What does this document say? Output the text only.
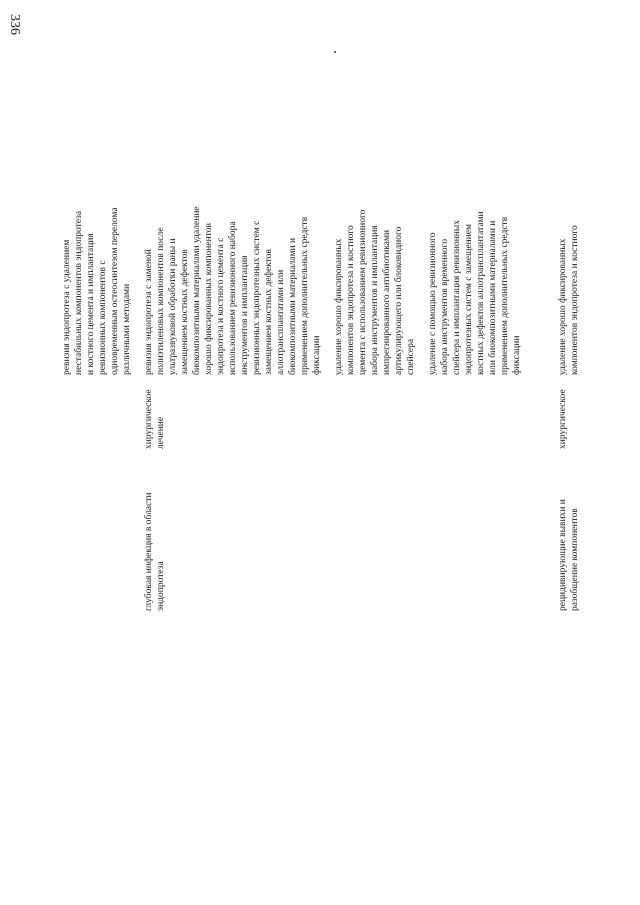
336
ревизия эндопротеза с удалением нестабильных компонентов эндопротеза и костного цемента и имплантация ревизионных компонентов с одновременным остеосинтезом перелома различными методами
глубокая инфекция в области эндопротеза
хирургическое лечение
ревизия эндопротеза с заменой полиэтиленовых компонентов после ультразвуковой обработки раны и замещением костных дефектов биокомпозитными материалами удаление хорошо фиксированных компонентов эндопротеза и костного цемента с использованием ревизионного набора инструментов и имплантация ревизионных эндопротезных систем с замещением костных дефектов аллотрансплантатами или биокомпозитными материалами и применением дополнительных средств фиксации удаление хорошо фиксированных компонентов эндопротеза и костного цемента с использованием ревизионного набора инструментов и имплантация импрегнированного антибиотиками артикулирующего или блоковидного спейсера удаление с помощью ревизионного набора инструментов временного спейсера и имплантация ревизионных эндопротезных систем с замещением костных дефектов аллотрансплантатами или биокомпозитными материалами и применением дополнительных средств фиксации
рецидивирующие вывихи и разобщение компонентов
хирургическое
удаление хорошо фиксированных компонентов эндопротеза и костного
